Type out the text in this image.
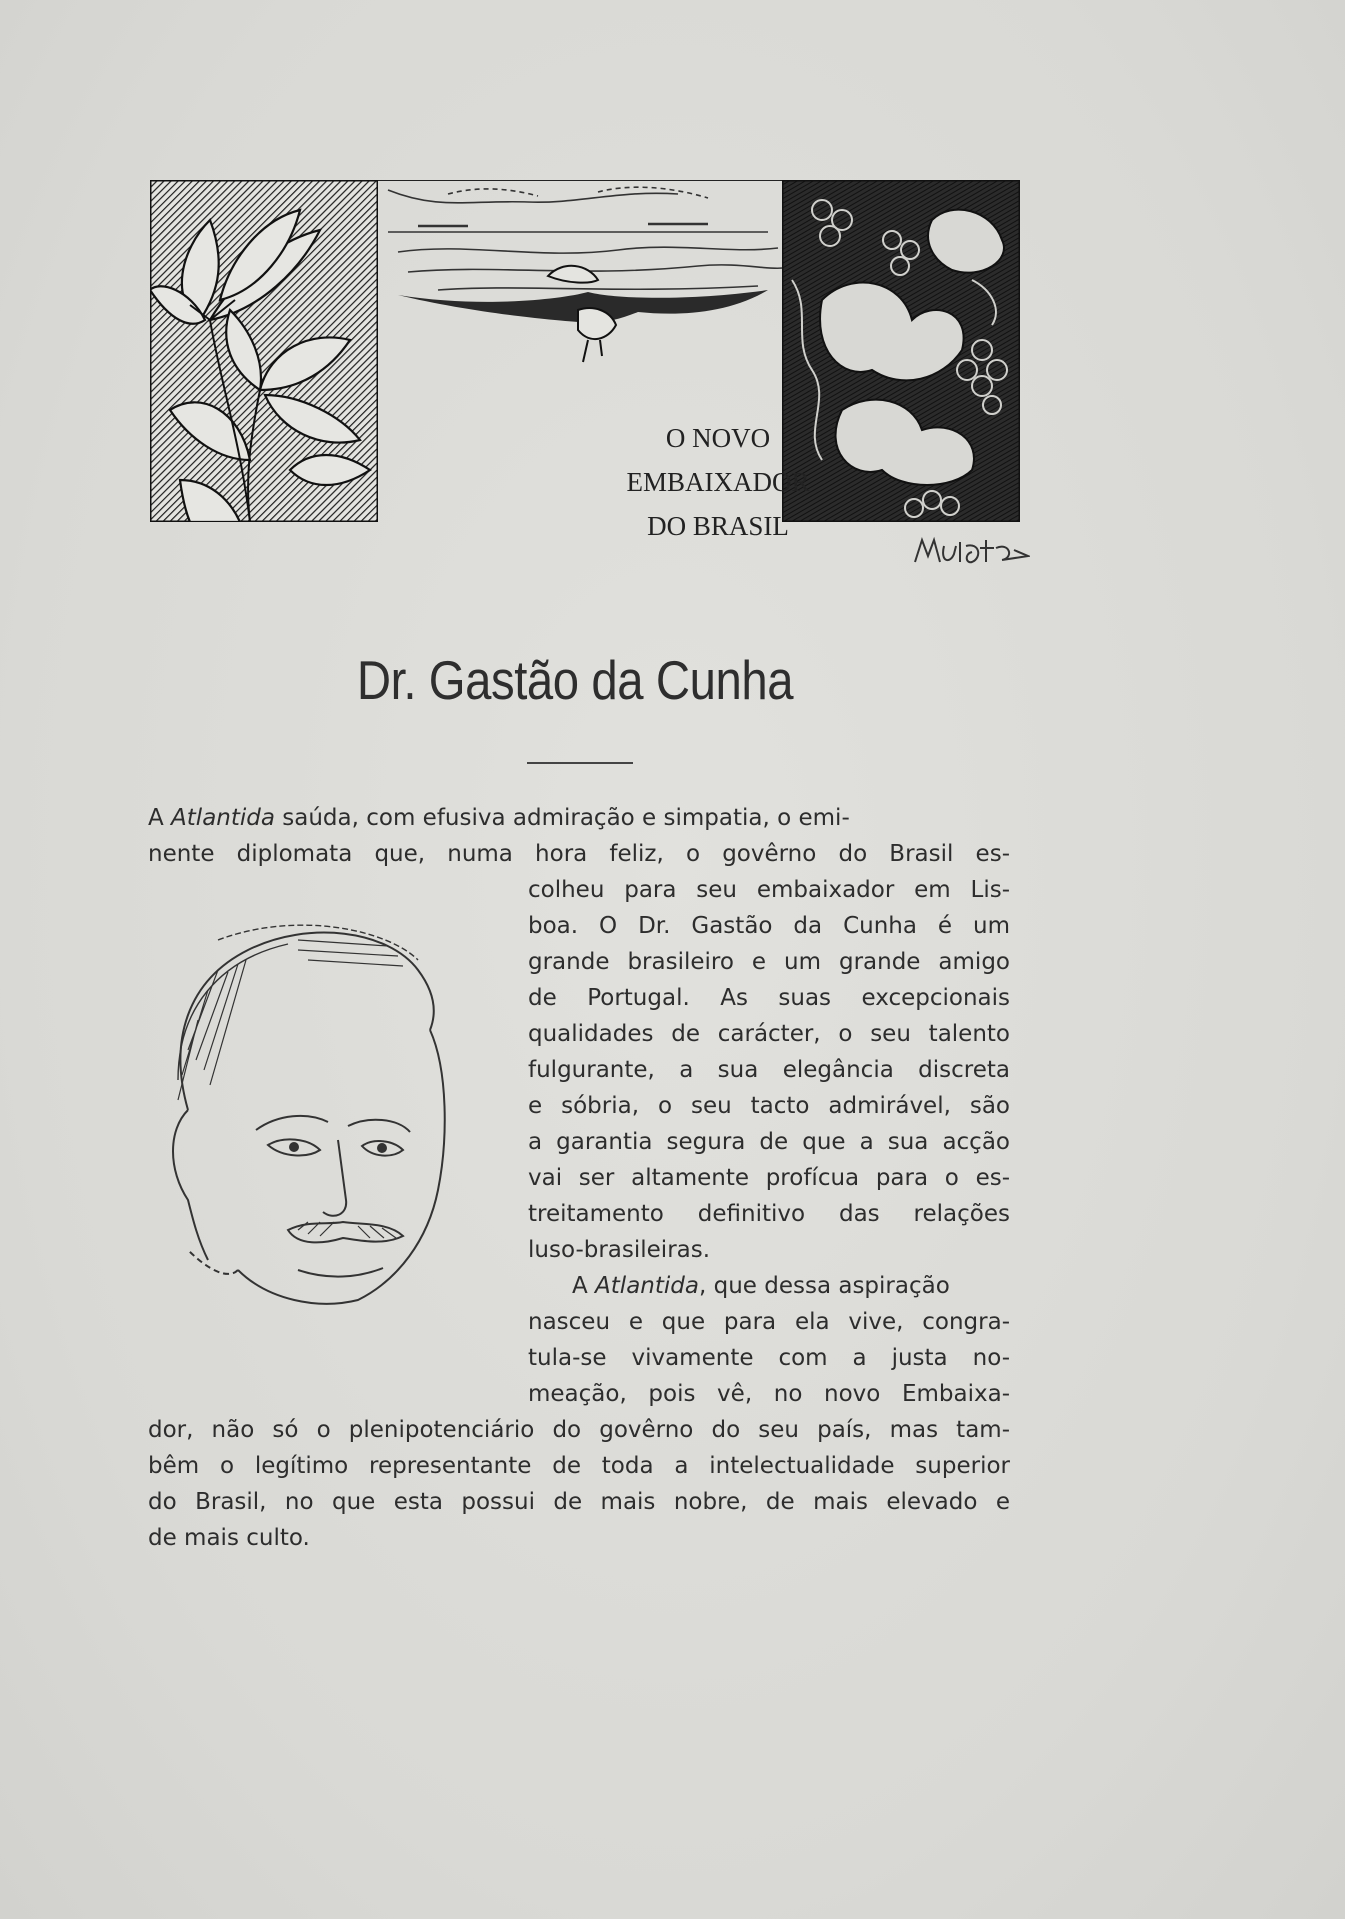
O NOVO
EMBAIXADOR
DO BRASIL
Dr. Gastão da Cunha
A Atlantida saúda, com efusiva admiração e simpatia, o emi-
nente diplomata que, numa hora feliz, o govêrno do Brasil es-
colheu para seu embaixador em Lis-
boa. O Dr. Gastão da Cunha é um
grande brasileiro e um grande amigo
de Portugal. As suas excepcionais
qualidades de carácter, o seu talento
fulgurante, a sua elegância discreta
e sóbria, o seu tacto admirável, são
a garantia segura de que a sua acção
vai ser altamente profícua para o es-
treitamento definitivo das relações
luso-brasileiras.
A Atlantida, que dessa aspiração
nasceu e que para ela vive, congra-
tula-se vivamente com a justa no-
meação, pois vê, no novo Embaixa-
dor, não só o plenipotenciário do govêrno do seu país, mas tam-
bêm o legítimo representante de toda a intelectualidade superior
do Brasil, no que esta possui de mais nobre, de mais elevado e
de mais culto.
